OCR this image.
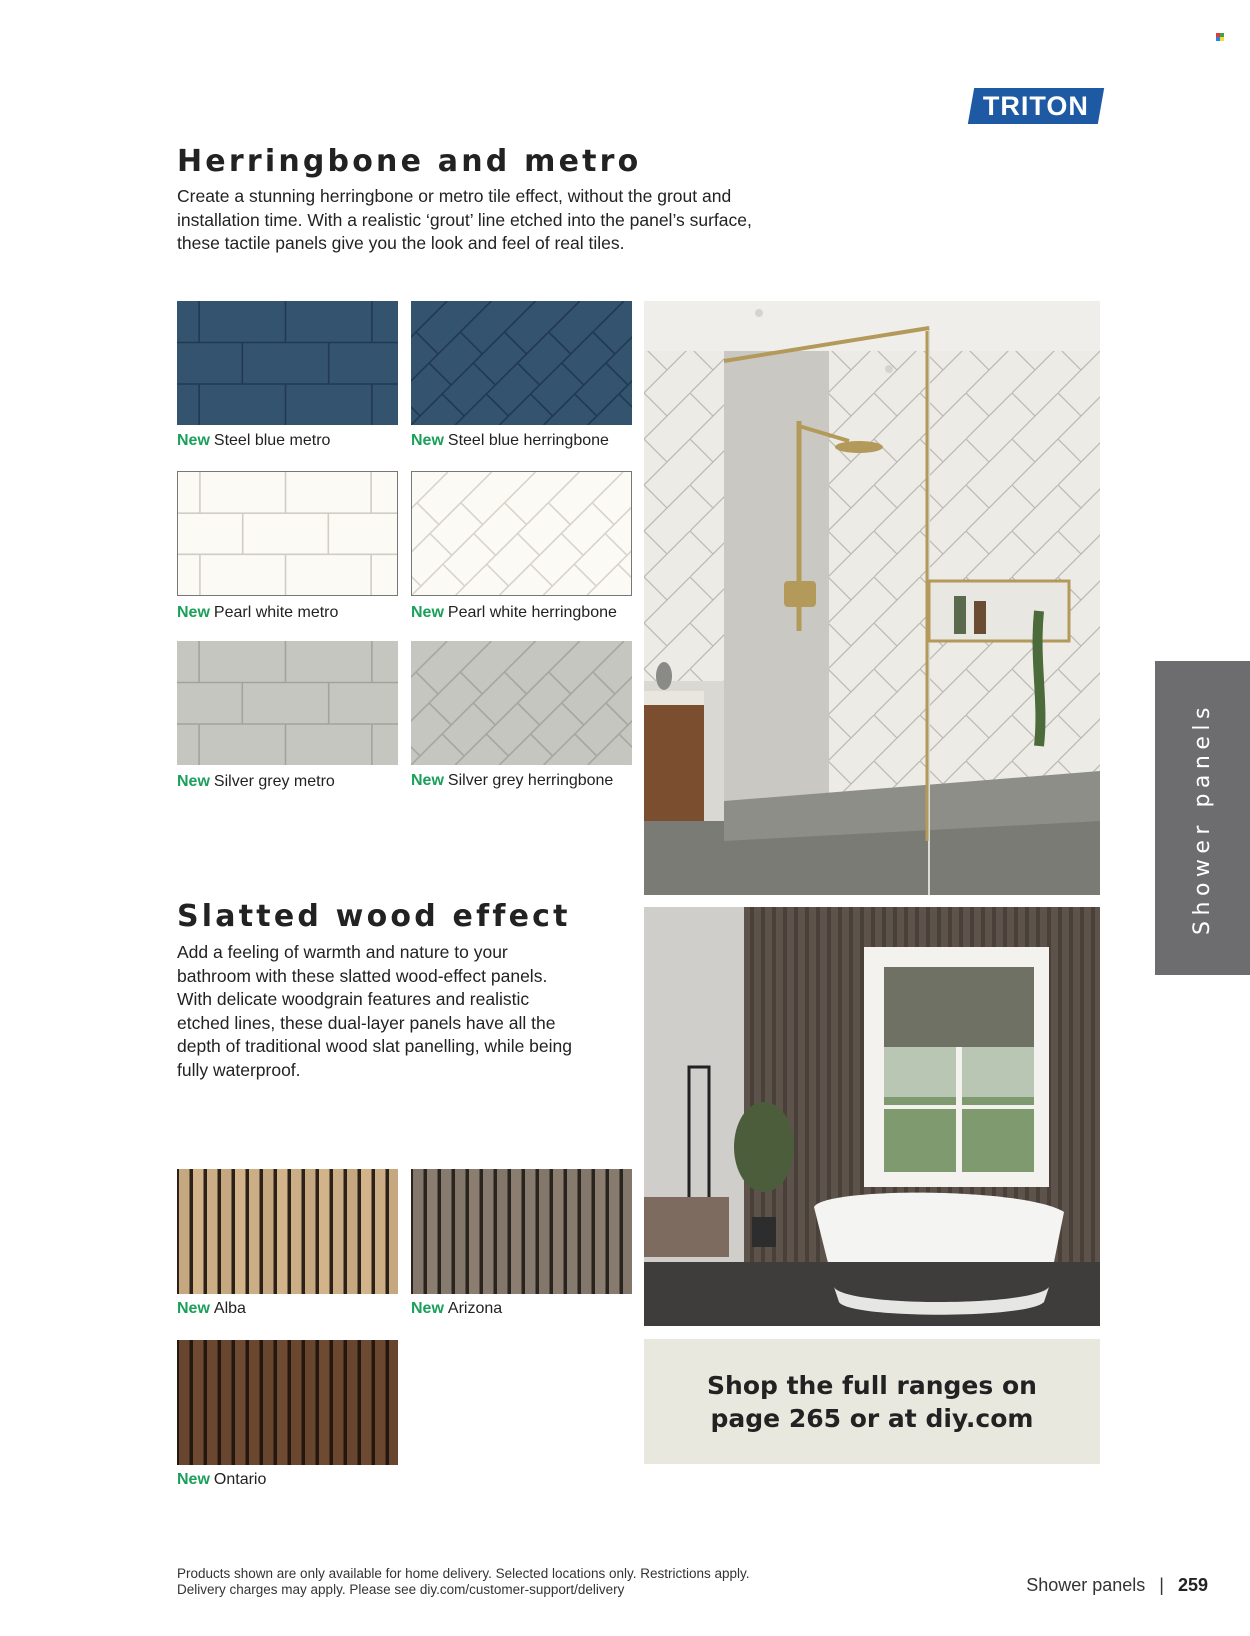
TRITON
Herringbone and metro
Create a stunning herringbone or metro tile effect, without the grout and
installation time. With a realistic ‘grout’ line etched into the panel’s surface,
these tactile panels give you the look and feel of real tiles.
New Steel blue metro	New Steel blue herringbone
New Pearl white metro	New Pearl white herringbone
New Silver grey metro	New Silver grey herringbone
Slatted wood effect
Add a feeling of warmth and nature to your
bathroom with these slatted wood-effect panels.
With delicate woodgrain features and realistic
etched lines, these dual-layer panels have all the
depth of traditional wood slat panelling, while being
fully waterproof.
New Alba	New Arizona
New Ontario
Shop the full ranges on
page 265 or at diy.com
Shower panels
Products shown are only available for home delivery. Selected locations only. Restrictions apply.
Delivery charges may apply. Please see diy.com/customer-support/delivery	Shower panels | 259
